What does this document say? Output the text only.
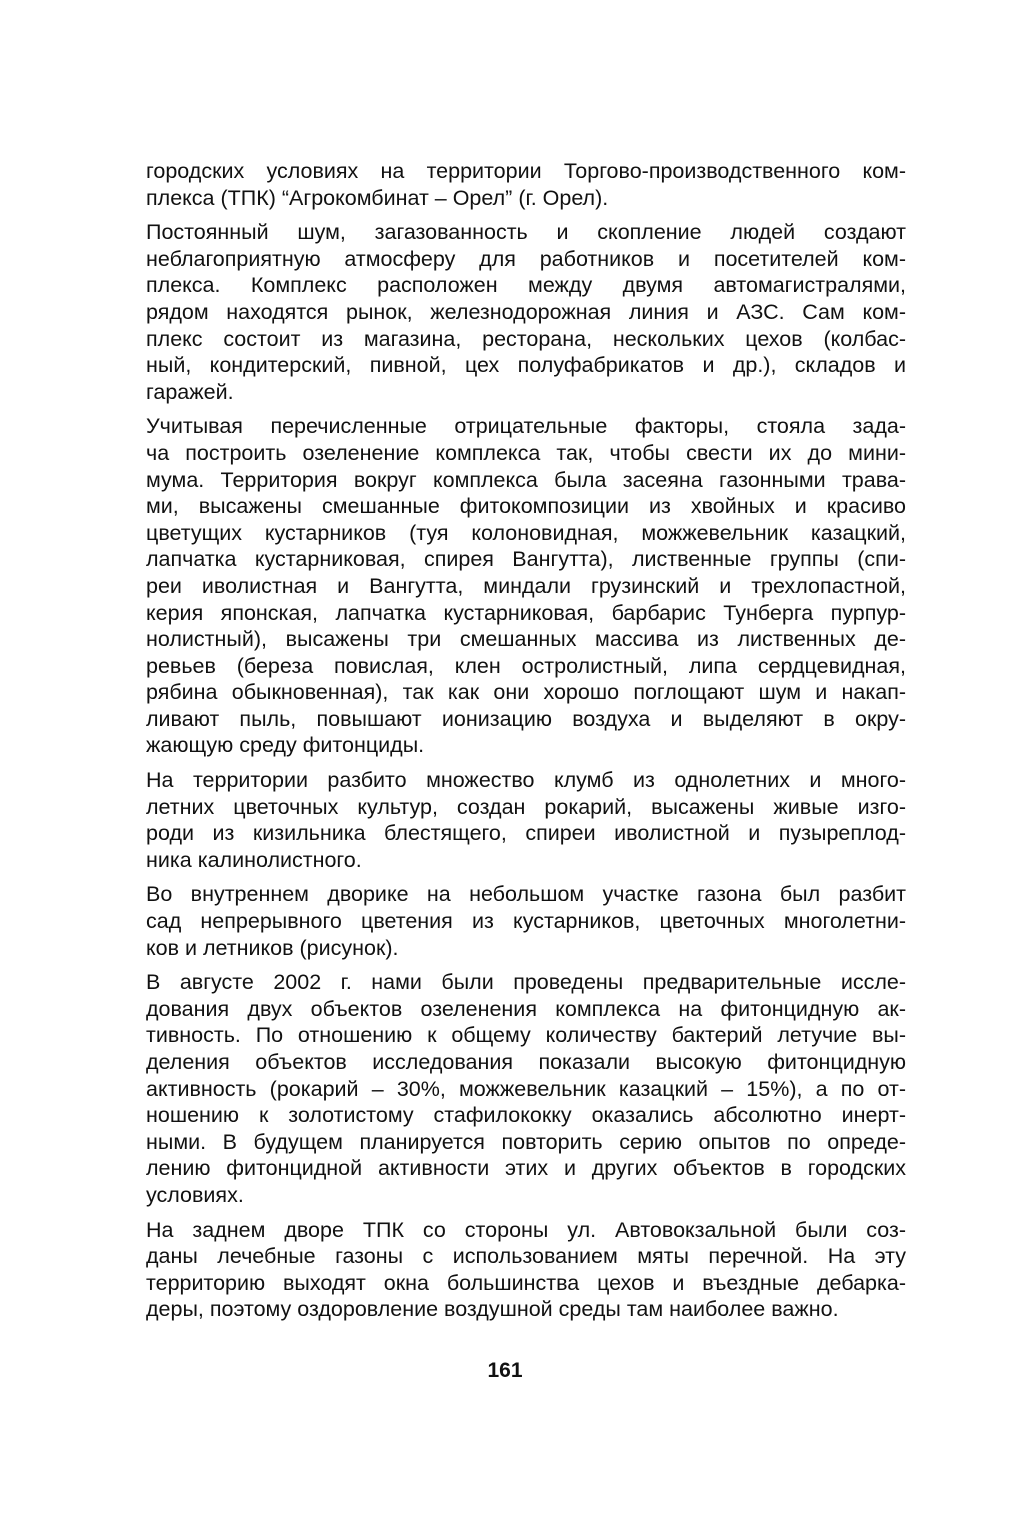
городских условиях на территории Торгово-производственного ком-
плекса (ТПК) “Агрокомбинат – Орел” (г. Орел).
Постоянный шум, загазованность и скопление людей создают
неблагоприятную атмосферу для работников и посетителей ком-
плекса. Комплекс расположен между двумя автомагистралями,
рядом находятся рынок, железнодорожная линия и АЗС. Сам ком-
плекс состоит из магазина, ресторана, нескольких цехов (колбас-
ный, кондитерский, пивной, цех полуфабрикатов и др.), складов и
гаражей.
Учитывая перечисленные отрицательные факторы, стояла зада-
ча построить озеленение комплекса так, чтобы свести их до мини-
мума. Территория вокруг комплекса была засеяна газонными трава-
ми, высажены смешанные фитокомпозиции из хвойных и красиво
цветущих кустарников (туя колоновидная, можжевельник казацкий,
лапчатка кустарниковая, спирея Вангутта), лиственные группы (спи-
реи иволистная и Вангутта, миндали грузинский и трехлопастной,
керия японская, лапчатка кустарниковая, барбарис Тунберга пурпур-
нолистный), высажены три смешанных массива из лиственных де-
ревьев (береза повислая, клен остролистный, липа сердцевидная,
рябина обыкновенная), так как они хорошо поглощают шум и накап-
ливают пыль, повышают ионизацию воздуха и выделяют в окру-
жающую среду фитонциды.
На территории разбито множество клумб из однолетних и много-
летних цветочных культур, создан рокарий, высажены живые изго-
роди из кизильника блестящего, спиреи иволистной и пузыреплод-
ника калинолистного.
Во внутреннем дворике на небольшом участке газона был разбит
сад непрерывного цветения из кустарников, цветочных многолетни-
ков и летников (рисунок).
В августе 2002 г. нами были проведены предварительные иссле-
дования двух объектов озеленения комплекса на фитонцидную ак-
тивность. По отношению к общему количеству бактерий летучие вы-
деления объектов исследования показали высокую фитонцидную
активность (рокарий – 30%, можжевельник казацкий – 15%), а по от-
ношению к золотистому стафилококку оказались абсолютно инерт-
ными. В будущем планируется повторить серию опытов по опреде-
лению фитонцидной активности этих и других объектов в городских
условиях.
На заднем дворе ТПК со стороны ул. Автовокзальной были соз-
даны лечебные газоны с использованием мяты перечной. На эту
территорию выходят окна большинства цехов и въездные дебарка-
деры, поэтому оздоровление воздушной среды там наиболее важно.
161
